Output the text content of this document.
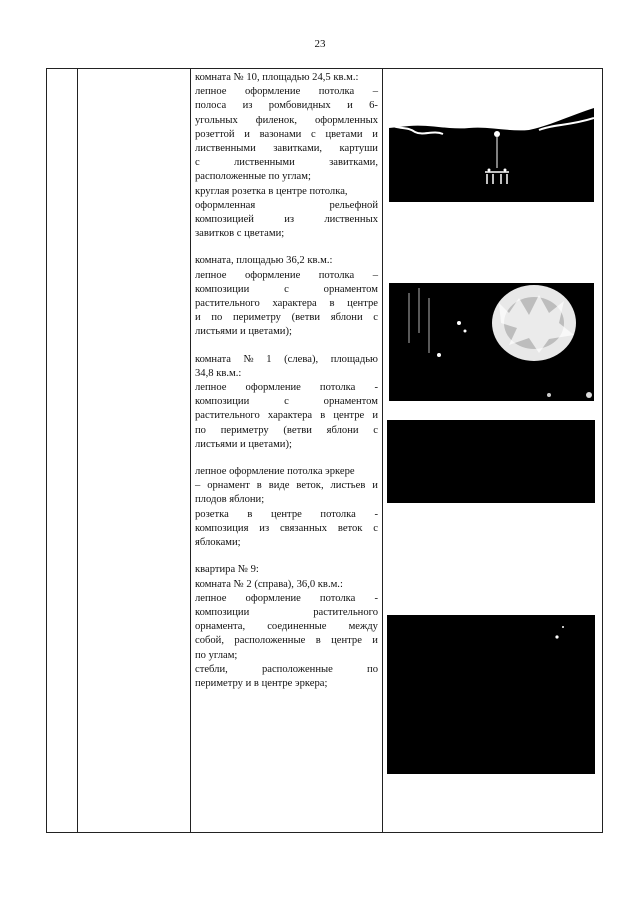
23
комната № 10, площадью 24,5 кв.м.:
лепное оформление потолка –
полоса из ромбовидных и 6-
угольных филенок, оформленных
розеттой и вазонами с цветами и
лиственными завитками, картуши
с	лиственными	завитками,
расположенные по углам;
круглая розетка в центре потолка,
оформленная	рельефной
композицией	из	лиственных
завитков с цветами;
комната, площадью 36,2 кв.м.:
лепное оформление потолка –
композиции	с	орнаментом
растительного характера в центре
и по периметру (ветви яблони с
листьями и цветами);
комната № 1 (слева), площадью
34,8 кв.м.:
лепное оформление потолка -
композиции	с	орнаментом
растительного характера в центре и
по периметру (ветви яблони с
листьями и цветами);
лепное оформление потолка эркере
– орнамент в виде веток, листьев и
плодов яблони;
розетка в центре потолка -
композиция из связанных веток с
яблоками;
квартира № 9:
комната № 2 (справа), 36,0 кв.м.:
лепное оформление потолка -
композиции	растительного
орнамента, соединенные между
собой, расположенные в центре и
по углам;
стебли,	расположенные	по
периметру и в центре эркера;
